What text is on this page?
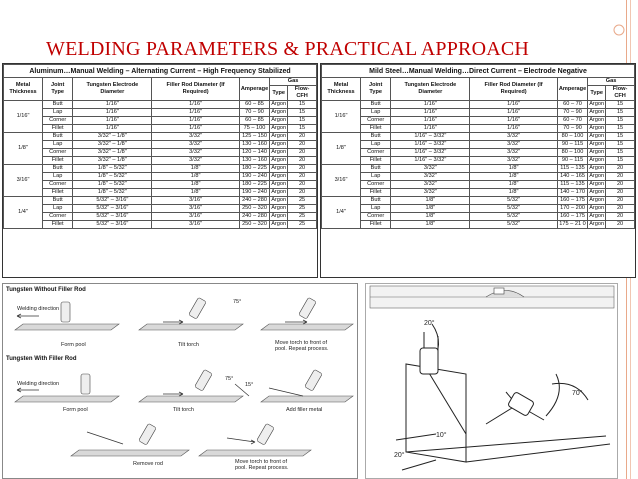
WELDING PARAMETERS & PRACTICAL APPROACH
Aluminum…Manual Welding – Alternating Current – High Frequency Stabilized						
Metal Thickness	Joint Type	Tungsten Electrode Diameter	Filler Rod Diameter (If Required)	Amperage	Gas	
					Type	Flow-CFH
1/16"	Butt	1/16"	1/16"	60 – 85	Argon	15
	Lap	1/16"	1/16"	70 – 90	Argon	15
	Corner	1/16"	1/16"	60 – 85	Argon	15
	Fillet	1/16"	1/16"	75 – 100	Argon	15
1/8"	Butt	3/32" – 1/8"	3/32"	125 – 150	Argon	20
	Lap	3/32" – 1/8"	3/32"	130 – 160	Argon	20
	Corner	3/32" – 1/8"	3/32"	120 – 140	Argon	20
	Fillet	3/32" – 1/8"	3/32"	130 – 160	Argon	20
3/16"	Butt	1/8" – 5/32"	1/8"	180 – 225	Argon	20
	Lap	1/8" – 5/32"	1/8"	190 – 240	Argon	20
	Corner	1/8" – 5/32"	1/8"	180 – 225	Argon	20
	Fillet	1/8" – 5/32"	1/8"	190 – 240	Argon	20
1/4"	Butt	5/32" – 3/16"	3/16"	240 – 280	Argon	25
	Lap	5/32" – 3/16"	3/16"	250 – 320	Argon	25
	Corner	5/32" – 3/16"	3/16"	240 – 280	Argon	25
	Fillet	5/32" – 3/16"	3/16"	250 – 320	Argon	25
Mild Steel…Manual Welding…Direct Current – Electrode Negative						
Metal Thickness	Joint Type	Tungsten Electrode Diameter	Filler Rod Diameter (If Required)	Amperage	Gas	
					Type	Flow-CFH
1/16"	Butt	1/16"	1/16"	60 – 70	Argon	15
	Lap	1/16"	1/16"	70 – 90	Argon	15
	Corner	1/16"	1/16"	60 – 70	Argon	15
	Fillet	1/16"	1/16"	70 – 90	Argon	15
1/8"	Butt	1/16" – 3/32"	3/32"	80 – 100	Argon	15
	Lap	1/16" – 3/32"	3/32"	90 – 115	Argon	15
	Corner	1/16" – 3/32"	3/32"	80 – 100	Argon	15
	Fillet	1/16" – 3/32"	3/32"	90 – 115	Argon	15
3/16"	Butt	3/32"	1/8"	115 – 135	Argon	20
	Lap	3/32"	1/8"	140 – 165	Argon	20
	Corner	3/32"	1/8"	115 – 135	Argon	20
	Fillet	3/32"	1/8"	140 – 170	Argon	20
1/4"	Butt	1/8"	5/32"	160 – 175	Argon	20
	Lap	1/8"	5/32"	170 – 200	Argon	20
	Corner	1/8"	5/32"	160 – 175	Argon	20
	Fillet	1/8"	5/32"	175 – 21 0	Argon	20
Tungsten Without Filler Rod
Welding direction
Form pool	Tilt torch	Move torch to front of pool. Repeat process.
75°
Tungsten With Filler Rod
Welding direction
Form pool	Tilt torch	Add filler metal
75°
15°
Remove rod	Move torch to front of pool. Repeat process.
20°
70°
10°
20°
